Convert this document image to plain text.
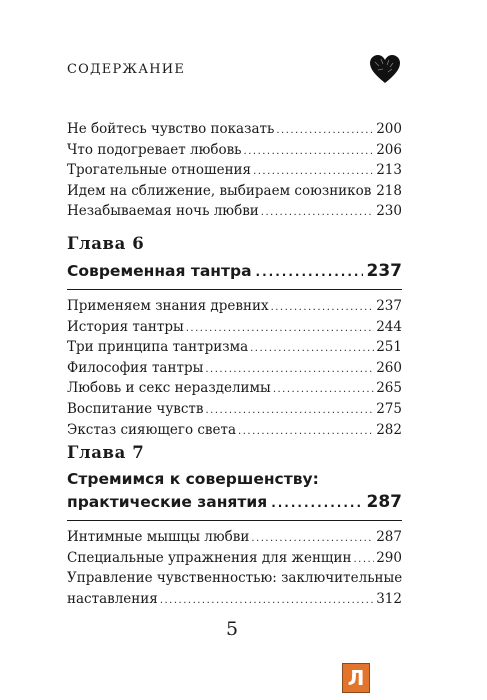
СОДЕРЖАНИЕ
Не бойтесь чувство показать .....	200
Что подогревает любовь .....	206
Трогательные отношения .....	213
Идем на сближение, выбираем союзников ..... 218
Незабываемая ночь любви .....	230
Глава 6
Современная тантра .....	237
Применяем знания древних .....	237
История тантры .....	244
Три принципа тантризма .....	251
Философия тантры .....	260
Любовь и секс неразделимы .....	265
Воспитание чувств .....	275
Экстаз сияющего света .....	282
Глава 7
Стремимся к совершенству:
практические занятия .....	287
Интимные мышцы любви .....	287
Специальные упражнения для женщин ..... 290
Управление чувственностью: заключительные
наставления .....	312
5
Л
